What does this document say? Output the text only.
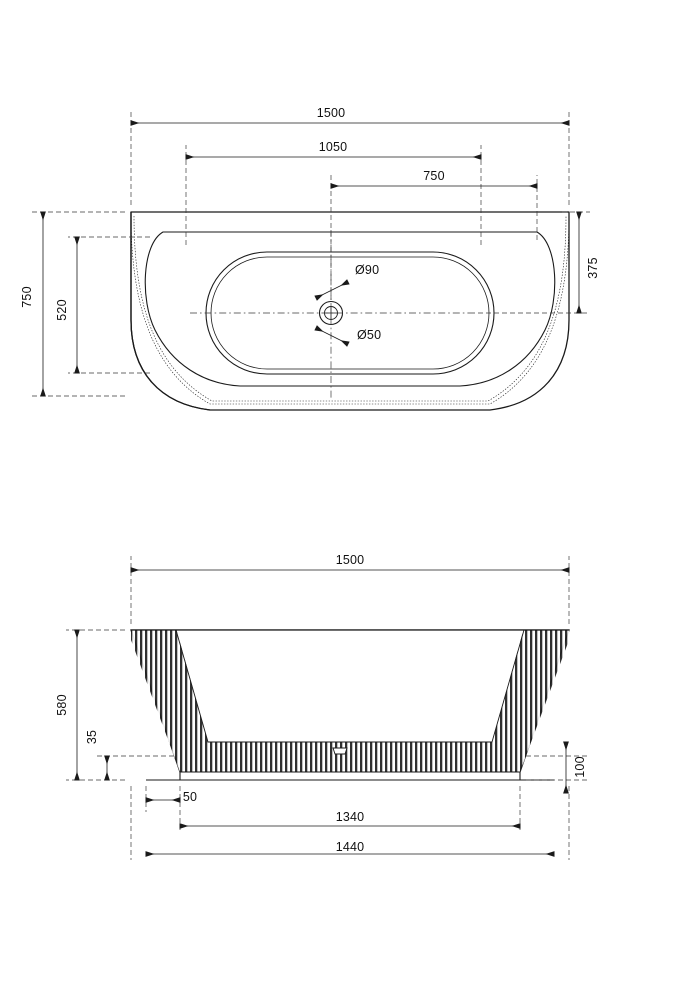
1500
1050
750
750
520
375
Ø90
Ø50
1500
580
35
100
50
1340
1440
